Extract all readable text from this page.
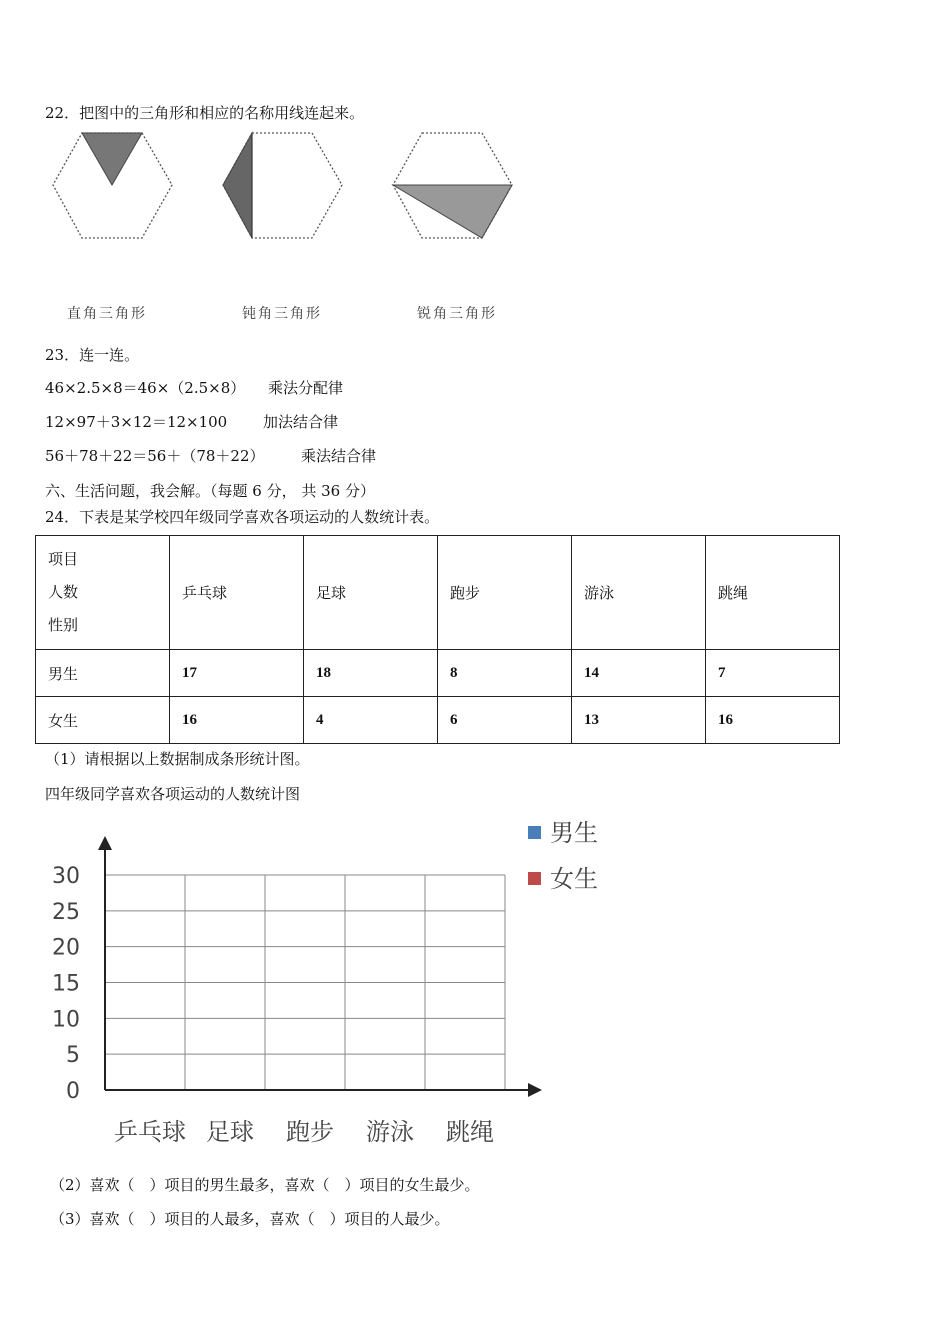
22．把图中的三角形和相应的名称用线连起来。
直角三角形	钝角三角形	锐角三角形
23．连一连。
46×2.5×8＝46×（2.5×8） 乘法分配律
12×97＋3×12＝12×100 加法结合律
56＋78＋22＝56＋（78＋22） 乘法结合律
六、生活问题，我会解。（每题 6 分， 共 36 分）
24．下表是某学校四年级同学喜欢各项运动的人数统计表。
项目
人数
性别	乒乓球	足球	跑步	游泳	跳绳
男生	17	18	8	14	7
女生	16	4	6	13	16
（1）请根据以上数据制成条形统计图。
四年级同学喜欢各项运动的人数统计图
0
5
10
15
20
25
30
乒乓球 足球 跑步 游泳 跳绳
男生
女生
（2）喜欢（　）项目的男生最多，喜欢（　）项目的女生最少。
（3）喜欢（　）项目的人最多，喜欢（　）项目的人最少。
